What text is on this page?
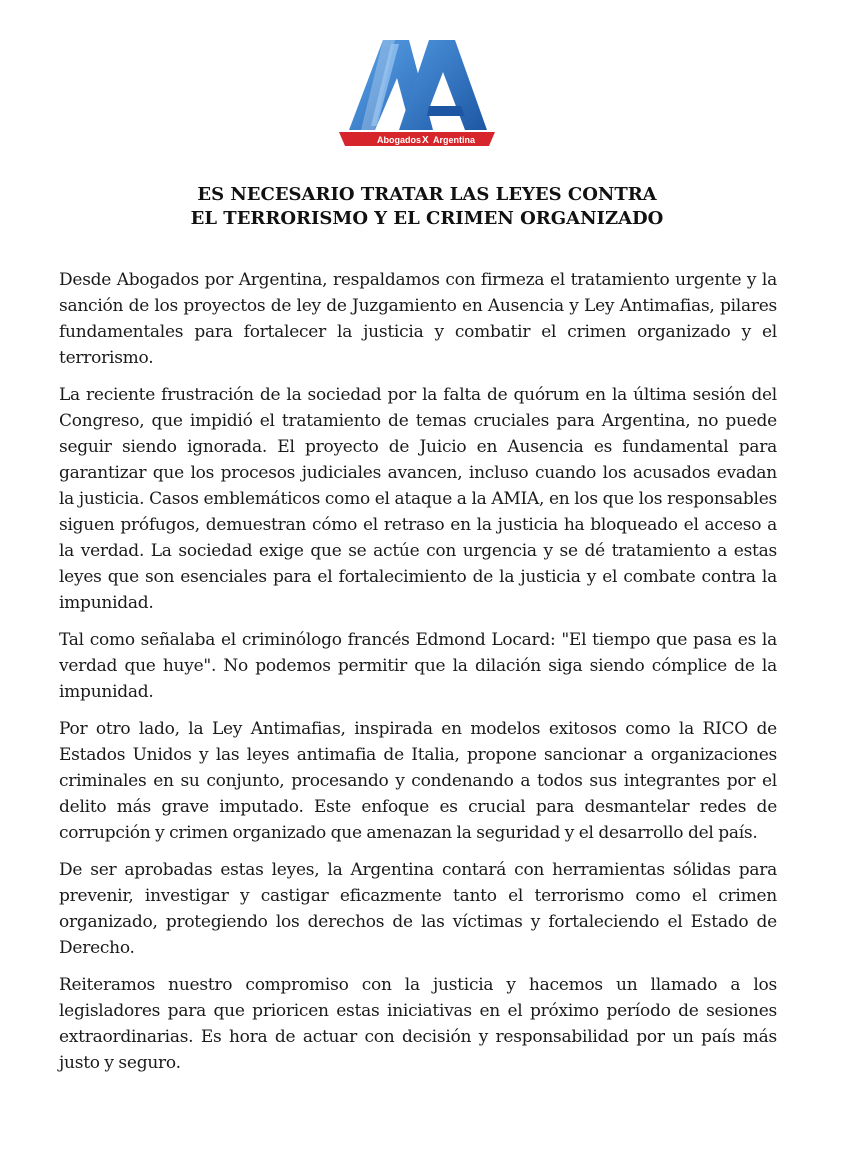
Abogados X Argentina
ES NECESARIO TRATAR LAS LEYES CONTRA
EL TERRORISMO Y EL CRIMEN ORGANIZADO

Desde Abogados por Argentina, respaldamos con firmeza el tratamiento urgente y la sanción de los proyectos de ley de Juzgamiento en Ausencia y Ley Antimafias, pilares fundamentales para fortalecer la justicia y combatir el crimen organizado y el terrorismo.

La reciente frustración de la sociedad por la falta de quórum en la última sesión del Congreso, que impidió el tratamiento de temas cruciales para Argentina, no puede seguir siendo ignorada. El proyecto de Juicio en Ausencia es fundamental para garantizar que los procesos judiciales avancen, incluso cuando los acusados evadan la justicia. Casos emblemáticos como el ataque a la AMIA, en los que los responsables siguen prófugos, demuestran cómo el retraso en la justicia ha bloqueado el acceso a la verdad. La sociedad exige que se actúe con urgencia y se dé tratamiento a estas leyes que son esenciales para el fortalecimiento de la justicia y el combate contra la impunidad.

Tal como señalaba el criminólogo francés Edmond Locard: "El tiempo que pasa es la verdad que huye". No podemos permitir que la dilación siga siendo cómplice de la impunidad.

Por otro lado, la Ley Antimafias, inspirada en modelos exitosos como la RICO de Estados Unidos y las leyes antimafia de Italia, propone sancionar a organizaciones criminales en su conjunto, procesando y condenando a todos sus integrantes por el delito más grave imputado. Este enfoque es crucial para desmantelar redes de corrupción y crimen organizado que amenazan la seguridad y el desarrollo del país.

De ser aprobadas estas leyes, la Argentina contará con herramientas sólidas para prevenir, investigar y castigar eficazmente tanto el terrorismo como el crimen organizado, protegiendo los derechos de las víctimas y fortaleciendo el Estado de Derecho.

Reiteramos nuestro compromiso con la justicia y hacemos un llamado a los legisladores para que prioricen estas iniciativas en el próximo período de sesiones extraordinarias. Es hora de actuar con decisión y responsabilidad por un país más justo y seguro.
